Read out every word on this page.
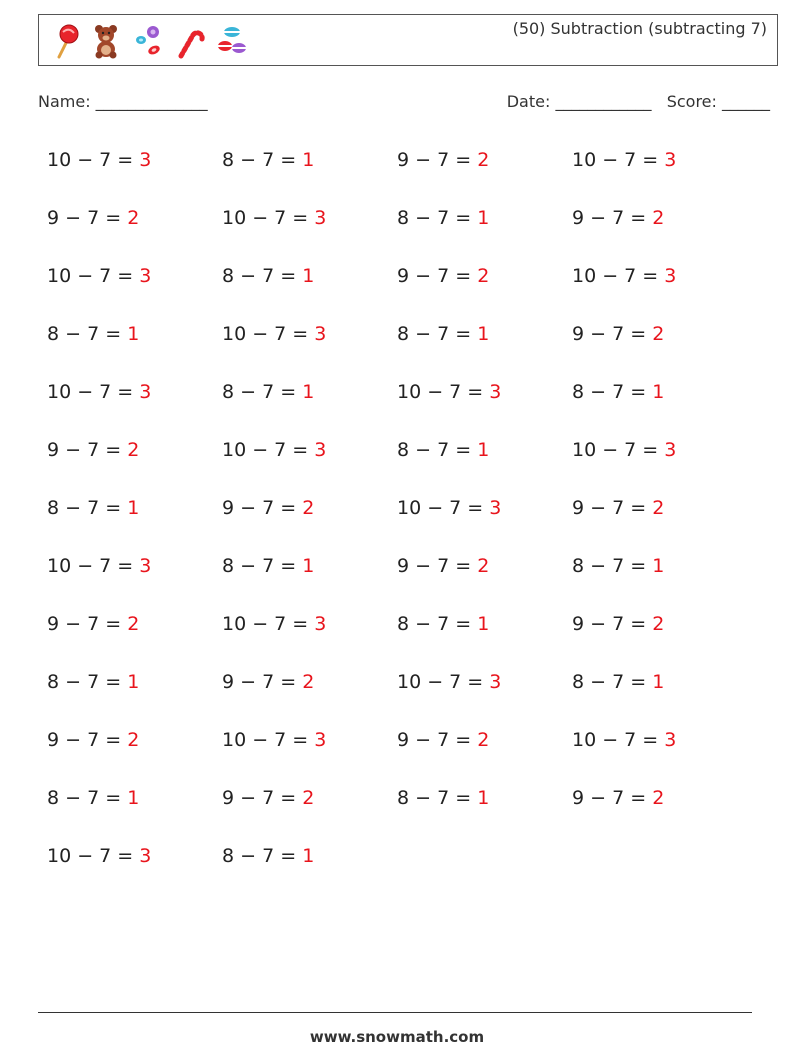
(50) Subtraction (subtracting 7)
Name: ______________	Date: ____________ Score: ______
10 − 7 = 3	8 − 7 = 1	9 − 7 = 2	10 − 7 = 3
9 − 7 = 2	10 − 7 = 3	8 − 7 = 1	9 − 7 = 2
10 − 7 = 3	8 − 7 = 1	9 − 7 = 2	10 − 7 = 3
8 − 7 = 1	10 − 7 = 3	8 − 7 = 1	9 − 7 = 2
10 − 7 = 3	8 − 7 = 1	10 − 7 = 3	8 − 7 = 1
9 − 7 = 2	10 − 7 = 3	8 − 7 = 1	10 − 7 = 3
8 − 7 = 1	9 − 7 = 2	10 − 7 = 3	9 − 7 = 2
10 − 7 = 3	8 − 7 = 1	9 − 7 = 2	8 − 7 = 1
9 − 7 = 2	10 − 7 = 3	8 − 7 = 1	9 − 7 = 2
8 − 7 = 1	9 − 7 = 2	10 − 7 = 3	8 − 7 = 1
9 − 7 = 2	10 − 7 = 3	9 − 7 = 2	10 − 7 = 3
8 − 7 = 1	9 − 7 = 2	8 − 7 = 1	9 − 7 = 2
10 − 7 = 3	8 − 7 = 1
www.snowmath.com
